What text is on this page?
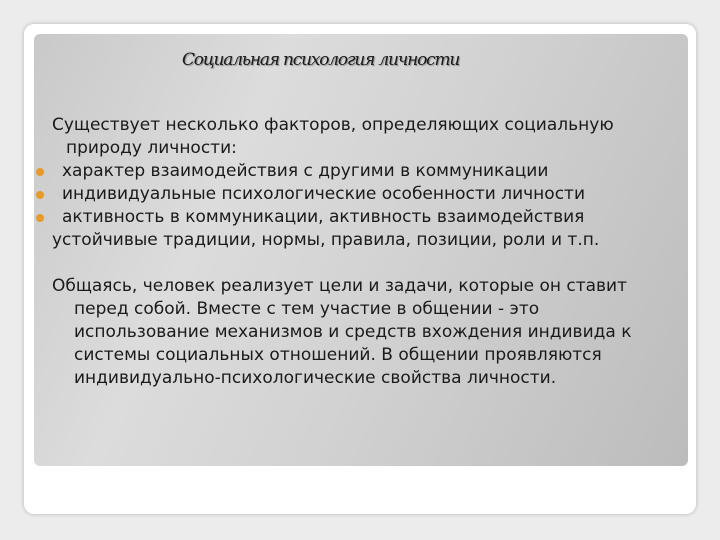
Социальная психология личности

Существует несколько факторов, определяющих социальную природу личности:

характер взаимодействия с другими в коммуникации

индивидуальные психологические особенности личности

активность в коммуникации, активность взаимодействия

устойчивые традиции, нормы, правила, позиции, роли и т.п.

Общаясь, человек реализует цели и задачи, которые он ставит перед собой. Вместе с тем участие в общении - это использование механизмов и средств вхождения индивида к системы социальных отношений. В общении проявляются индивидуально-психологические свойства личности.
